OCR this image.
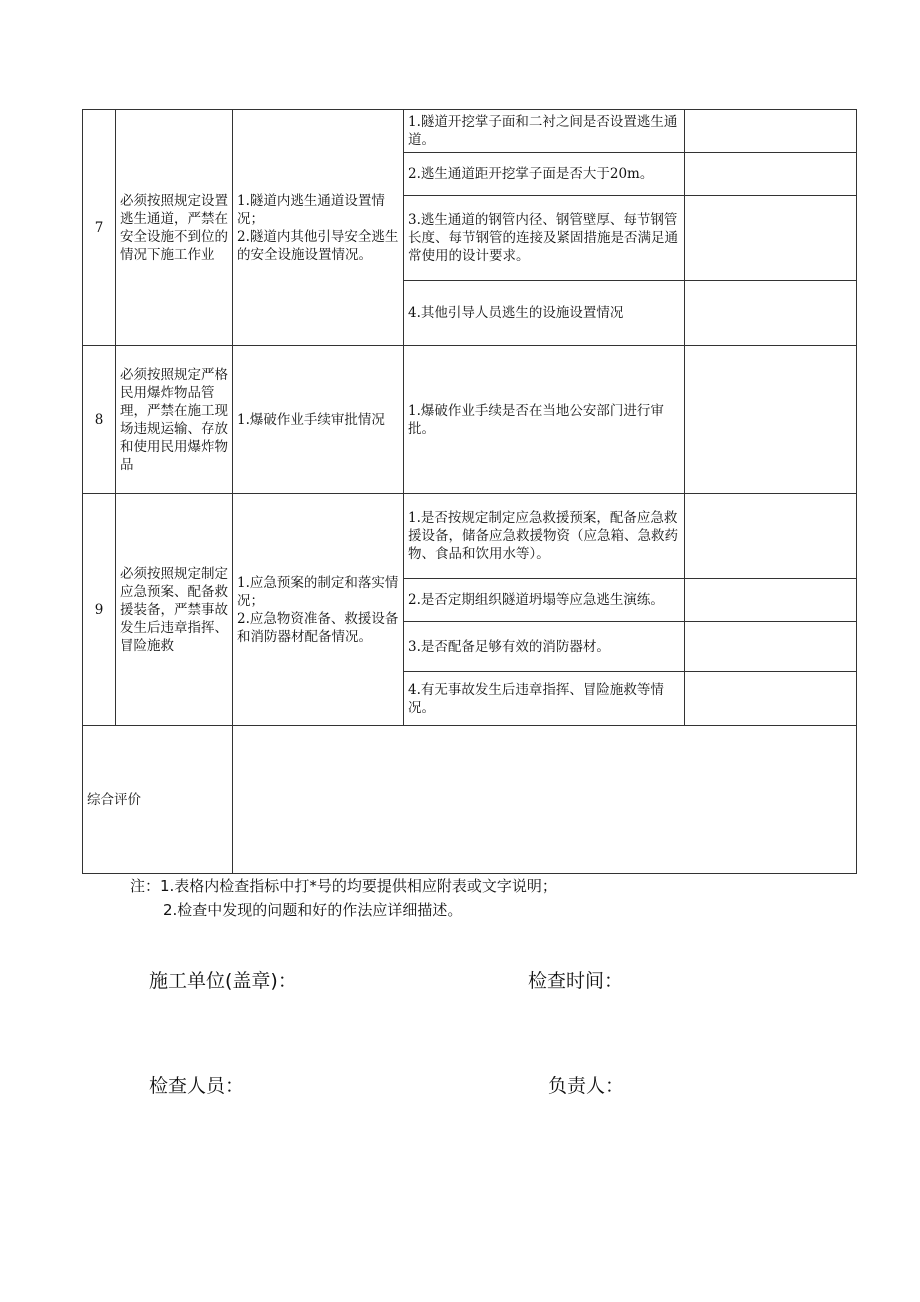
7	必须按照规定设置逃生通道，严禁在安全设施不到位的情况下施工作业	1.隧道内逃生通道设置情况；
2.隧道内其他引导安全逃生的安全设施设置情况。	1.隧道开挖掌子面和二衬之间是否设置逃生通道。	
			2.逃生通道距开挖掌子面是否大于20m。	
			3.逃生通道的钢管内径、钢管壁厚、每节钢管长度、每节钢管的连接及紧固措施是否满足通常使用的设计要求。	
			4.其他引导人员逃生的设施设置情况	
8	必须按照规定严格民用爆炸物品管理，严禁在施工现场违规运输、存放和使用民用爆炸物品	1.爆破作业手续审批情况	1.爆破作业手续是否在当地公安部门进行审批。	
9	必须按照规定制定应急预案、配备救援装备，严禁事故发生后违章指挥、冒险施救	1.应急预案的制定和落实情况；
2.应急物资准备、救援设备和消防器材配备情况。	1.是否按规定制定应急救援预案，配备应急救援设备，储备应急救援物资（应急箱、急救药物、食品和饮用水等）。	
			2.是否定期组织隧道坍塌等应急逃生演练。	
			3.是否配备足够有效的消防器材。	
			4.有无事故发生后违章指挥、冒险施救等情况。	
综合评价				
注：1.表格内检查指标中打*号的均要提供相应附表或文字说明；
2.检查中发现的问题和好的作法应详细描述。
施工单位(盖章)：	检查时间：
检查人员：	负责人：
